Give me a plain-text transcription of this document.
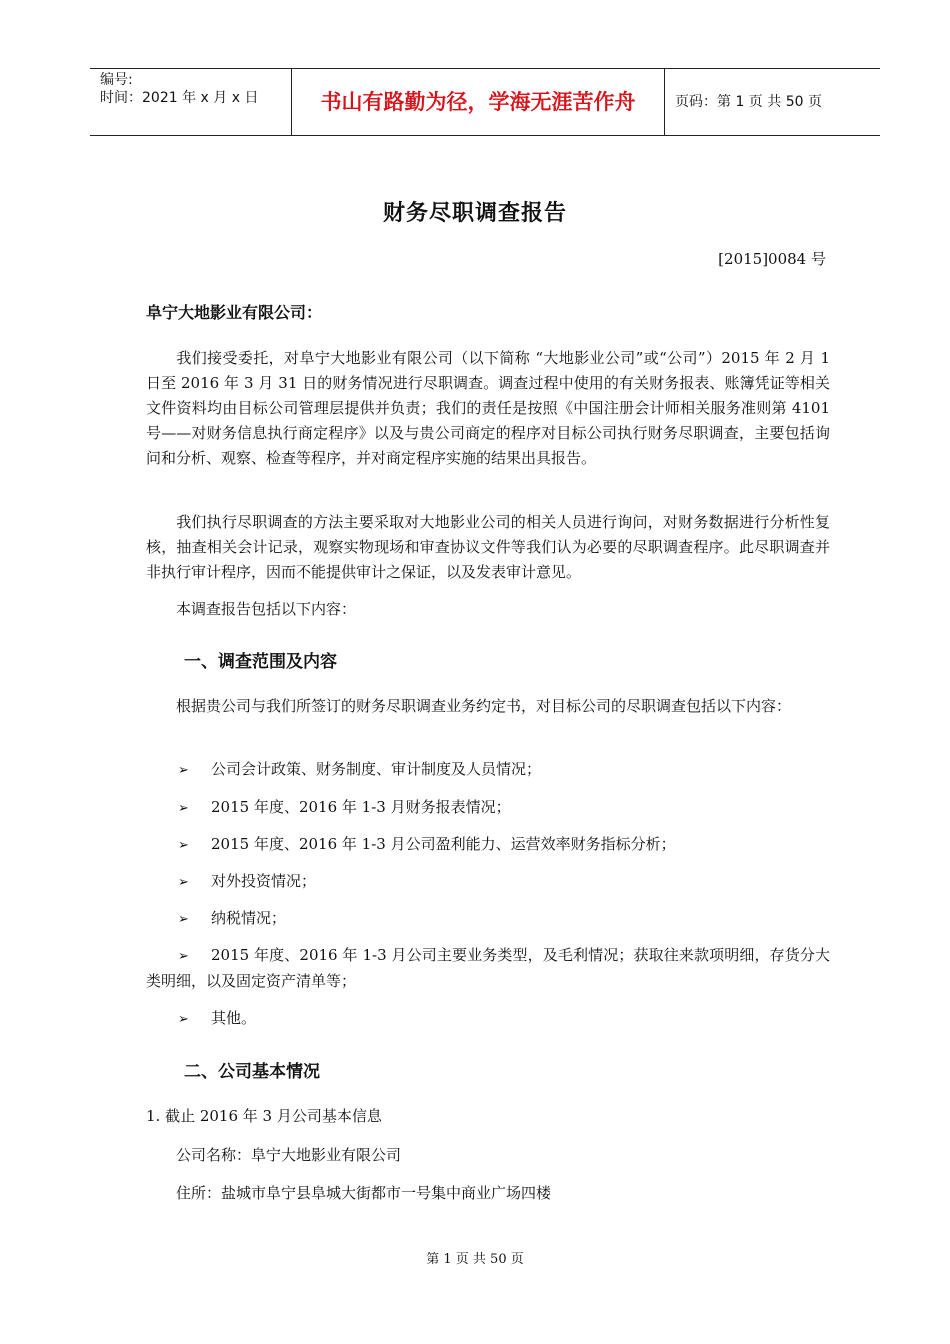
编号:
时间：2021 年 x 月 x 日	书山有路勤为径，学海无涯苦作舟	页码：第 1 页 共 50 页
财务尽职调查报告
[2015]0084 号
阜宁大地影业有限公司：
我们接受委托，对阜宁大地影业有限公司（以下简称 “大地影业公司”或“公司”）2015 年 2 月 1 日至 2016 年 3 月 31 日的财务情况进行尽职调查。调查过程中使用的有关财务报表、账簿凭证等相关文件资料均由目标公司管理层提供并负责；我们的责任是按照《中国注册会计师相关服务准则第 4101 号——对财务信息执行商定程序》以及与贵公司商定的程序对目标公司执行财务尽职调查，主要包括询问和分析、观察、检查等程序，并对商定程序实施的结果出具报告。
我们执行尽职调查的方法主要采取对大地影业公司的相关人员进行询问，对财务数据进行分析性复核，抽查相关会计记录，观察实物现场和审查协议文件等我们认为必要的尽职调查程序。此尽职调查并非执行审计程序，因而不能提供审计之保证，以及发表审计意见。
本调查报告包括以下内容：
一、调查范围及内容
根据贵公司与我们所签订的财务尽职调查业务约定书，对目标公司的尽职调查包括以下内容：
➢ 公司会计政策、财务制度、审计制度及人员情况；
➢ 2015 年度、2016 年 1-3 月财务报表情况；
➢ 2015 年度、2016 年 1-3 月公司盈利能力、运营效率财务指标分析；
➢ 对外投资情况；
➢ 纳税情况；
➢ 2015 年度、2016 年 1-3 月公司主要业务类型，及毛利情况；获取往来款项明细，存货分大类明细，以及固定资产清单等；
➢ 其他。
二、公司基本情况
1. 截止 2016 年 3 月公司基本信息
公司名称：阜宁大地影业有限公司
住所：盐城市阜宁县阜城大街都市一号集中商业广场四楼
第 1 页 共 50 页
